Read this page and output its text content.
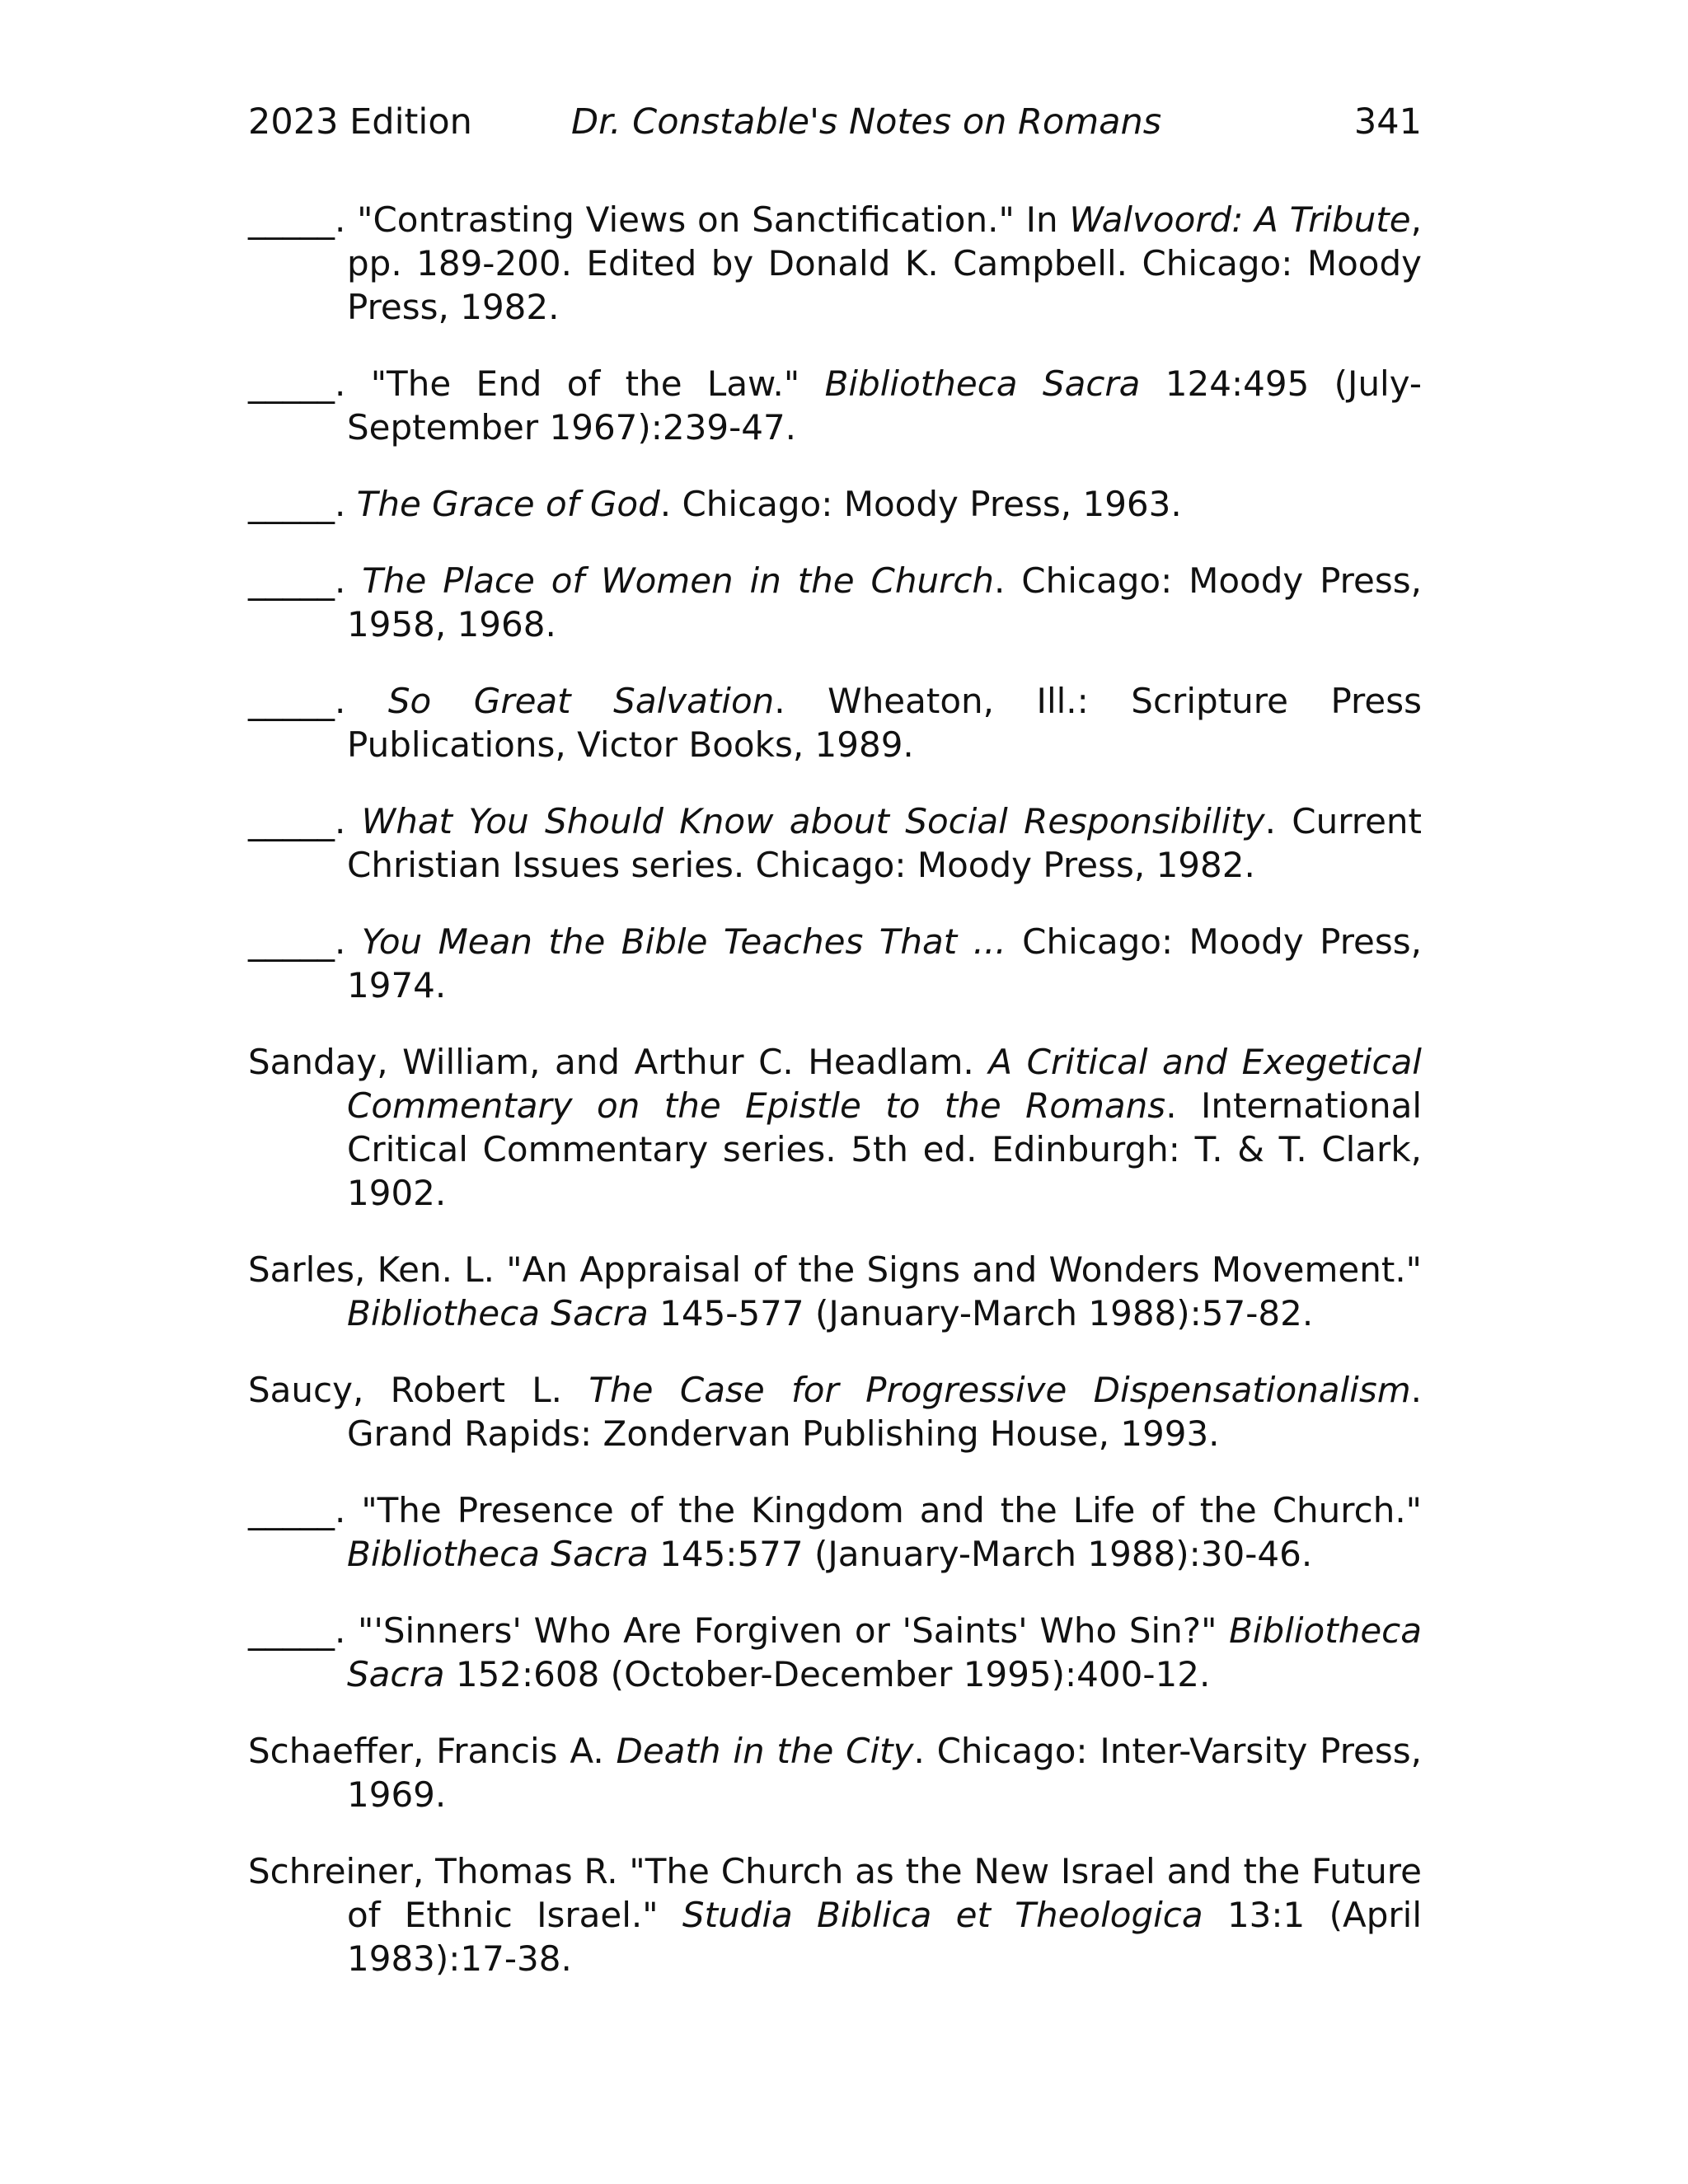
2023 Edition	Dr. Constable's Notes on Romans	341

_____. "Contrasting Views on Sanctification." In Walvoord: A Tribute, pp. 189-200. Edited by Donald K. Campbell. Chicago: Moody Press, 1982.

_____. "The End of the Law." Bibliotheca Sacra 124:495 (July-September 1967):239-47.

_____. The Grace of God. Chicago: Moody Press, 1963.

_____. The Place of Women in the Church. Chicago: Moody Press, 1958, 1968.

_____. So Great Salvation. Wheaton, Ill.: Scripture Press Publications, Victor Books, 1989.

_____. What You Should Know about Social Responsibility. Current Christian Issues series. Chicago: Moody Press, 1982.

_____. You Mean the Bible Teaches That ... Chicago: Moody Press, 1974.

Sanday, William, and Arthur C. Headlam. A Critical and Exegetical Commentary on the Epistle to the Romans. International Critical Commentary series. 5th ed. Edinburgh: T. & T. Clark, 1902.

Sarles, Ken. L. "An Appraisal of the Signs and Wonders Movement." Bibliotheca Sacra 145-577 (January-March 1988):57-82.

Saucy, Robert L. The Case for Progressive Dispensationalism. Grand Rapids: Zondervan Publishing House, 1993.

_____. "The Presence of the Kingdom and the Life of the Church." Bibliotheca Sacra 145:577 (January-March 1988):30-46.

_____. "'Sinners' Who Are Forgiven or 'Saints' Who Sin?" Bibliotheca Sacra 152:608 (October-December 1995):400-12.

Schaeffer, Francis A. Death in the City. Chicago: Inter-Varsity Press, 1969.

Schreiner, Thomas R. "The Church as the New Israel and the Future of Ethnic Israel." Studia Biblica et Theologica 13:1 (April 1983):17-38.
